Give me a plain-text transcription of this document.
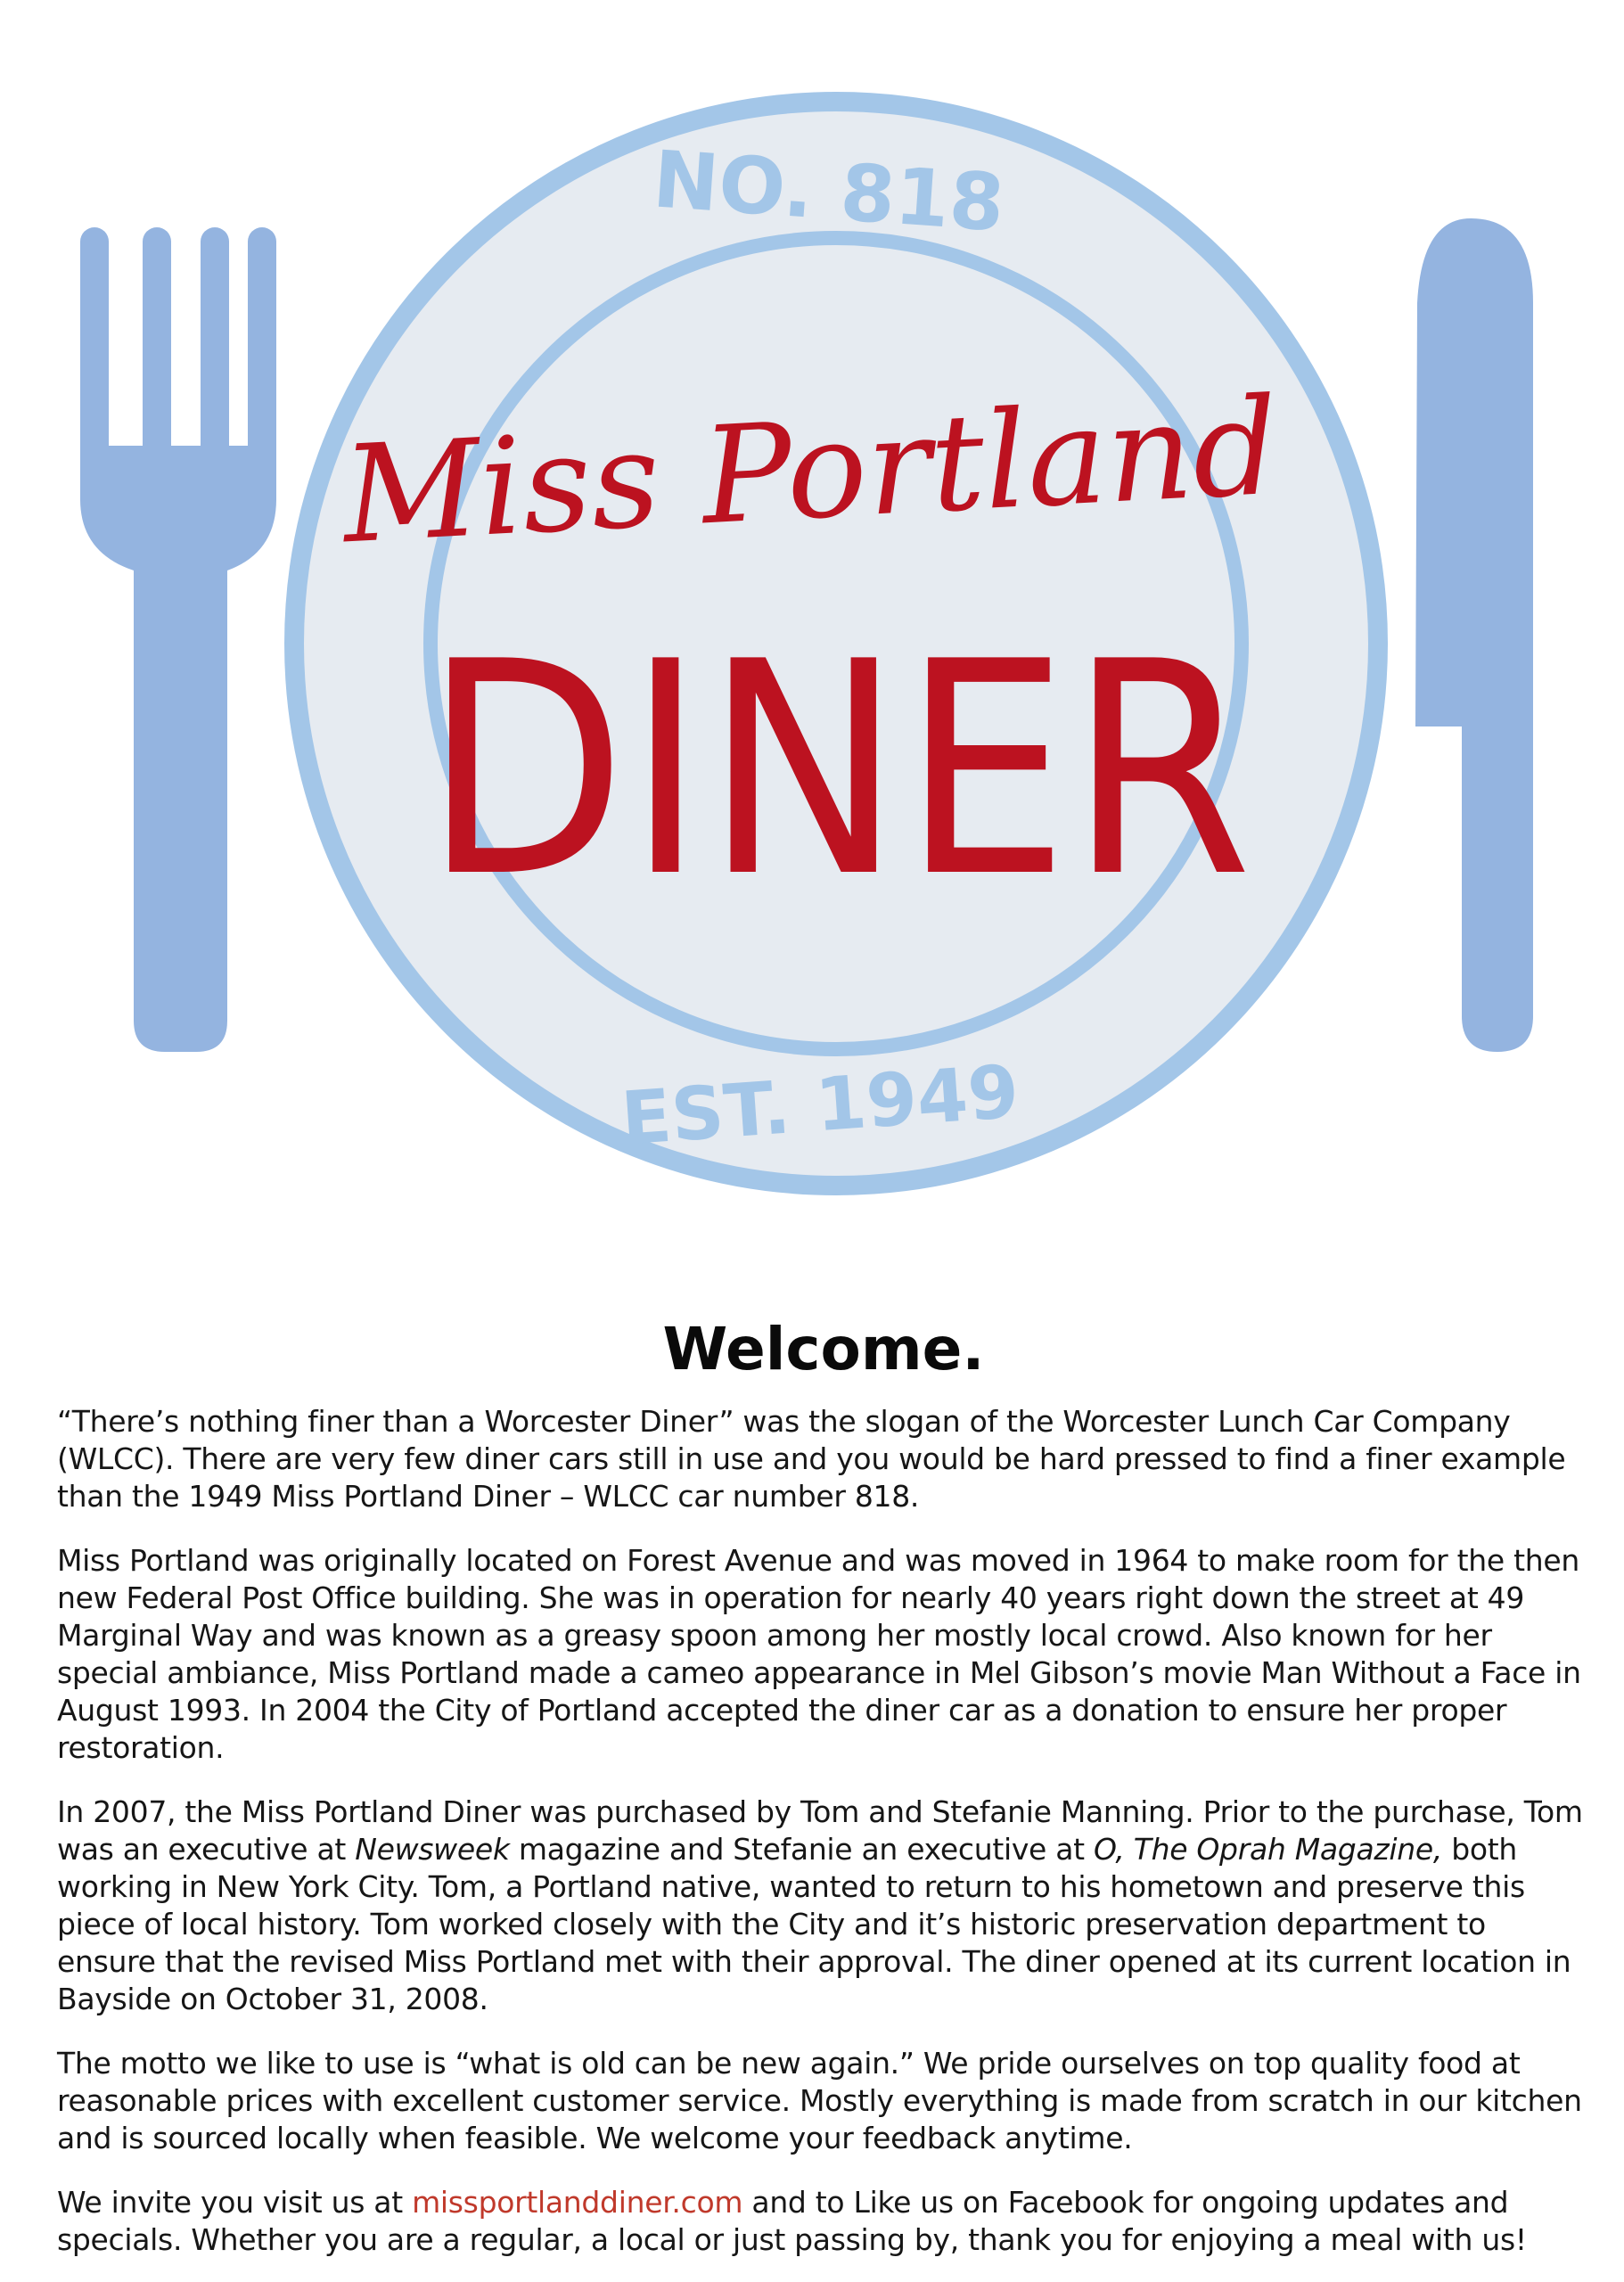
NO. 818
Miss Portland
DINER
EST. 1949
Welcome.

“There’s nothing finer than a Worcester Diner” was the slogan of the Worcester Lunch Car Company (WLCC). There are very few diner cars still in use and you would be hard pressed to find a finer example than the 1949 Miss Portland Diner – WLCC car number 818.

Miss Portland was originally located on Forest Avenue and was moved in 1964 to make room for the then new Federal Post Office building. She was in operation for nearly 40 years right down the street at 49 Marginal Way and was known as a greasy spoon among her mostly local crowd. Also known for her special ambiance, Miss Portland made a cameo appearance in Mel Gibson’s movie Man Without a Face in August 1993. In 2004 the City of Portland accepted the diner car as a donation to ensure her proper restoration.

In 2007, the Miss Portland Diner was purchased by Tom and Stefanie Manning. Prior to the purchase, Tom was an executive at Newsweek magazine and Stefanie an executive at O, The Oprah Magazine, both working in New York City. Tom, a Portland native, wanted to return to his hometown and preserve this piece of local history. Tom worked closely with the City and it’s historic preservation department to ensure that the revised Miss Portland met with their approval. The diner opened at its current location in Bayside on October 31, 2008.

The motto we like to use is “what is old can be new again.” We pride ourselves on top quality food at reasonable prices with excellent customer service. Mostly everything is made from scratch in our kitchen and is sourced locally when feasible. We welcome your feedback anytime.

We invite you visit us at missportlanddiner.com and to Like us on Facebook for ongoing updates and specials. Whether you are a regular, a local or just passing by, thank you for enjoying a meal with us!
